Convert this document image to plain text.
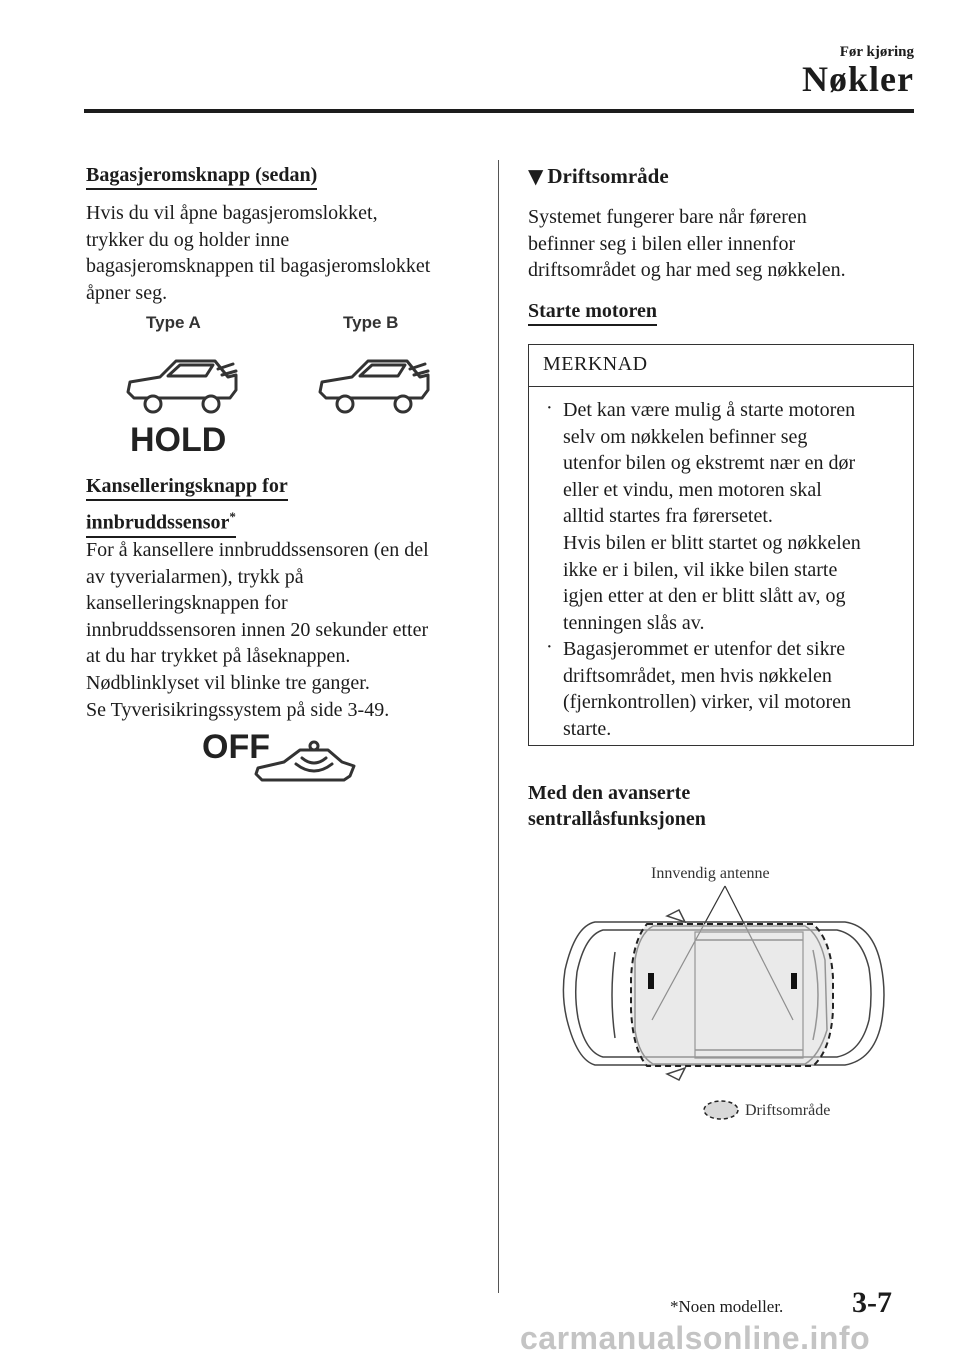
Før kjøring
Nøkler
Bagasjeromsknapp (sedan)
Hvis du vil åpne bagasjeromslokket,
trykker du og holder inne
bagasjeromsknappen til bagasjeromslokket
åpner seg.
Type A	Type B
HOLD
Kanselleringsknapp for
innbruddssensor*
For å kansellere innbruddssensoren (en del
av tyverialarmen), trykk på
kanselleringsknappen for
innbruddssensoren innen 20 sekunder etter
at du har trykket på låseknappen.
Nødblinklyset vil blinke tre ganger.
Se Tyverisikringssystem på side 3-49.
OFF
▼ Driftsområde
Systemet fungerer bare når føreren
befinner seg i bilen eller innenfor
driftsområdet og har med seg nøkkelen.
Starte motoren
MERKNAD
· Det kan være mulig å starte motoren
selv om nøkkelen befinner seg
utenfor bilen og ekstremt nær en dør
eller et vindu, men motoren skal
alltid startes fra førersetet.
Hvis bilen er blitt startet og nøkkelen
ikke er i bilen, vil ikke bilen starte
igjen etter at den er blitt slått av, og
tenningen slås av.
· Bagasjerommet er utenfor det sikre
driftsområdet, men hvis nøkkelen
(fjernkontrollen) virker, vil motoren
starte.
Med den avanserte
sentrallåsfunksjonen
Innvendig antenne
Driftsområde
*Noen modeller. 3-7
carmanualsonline.info
